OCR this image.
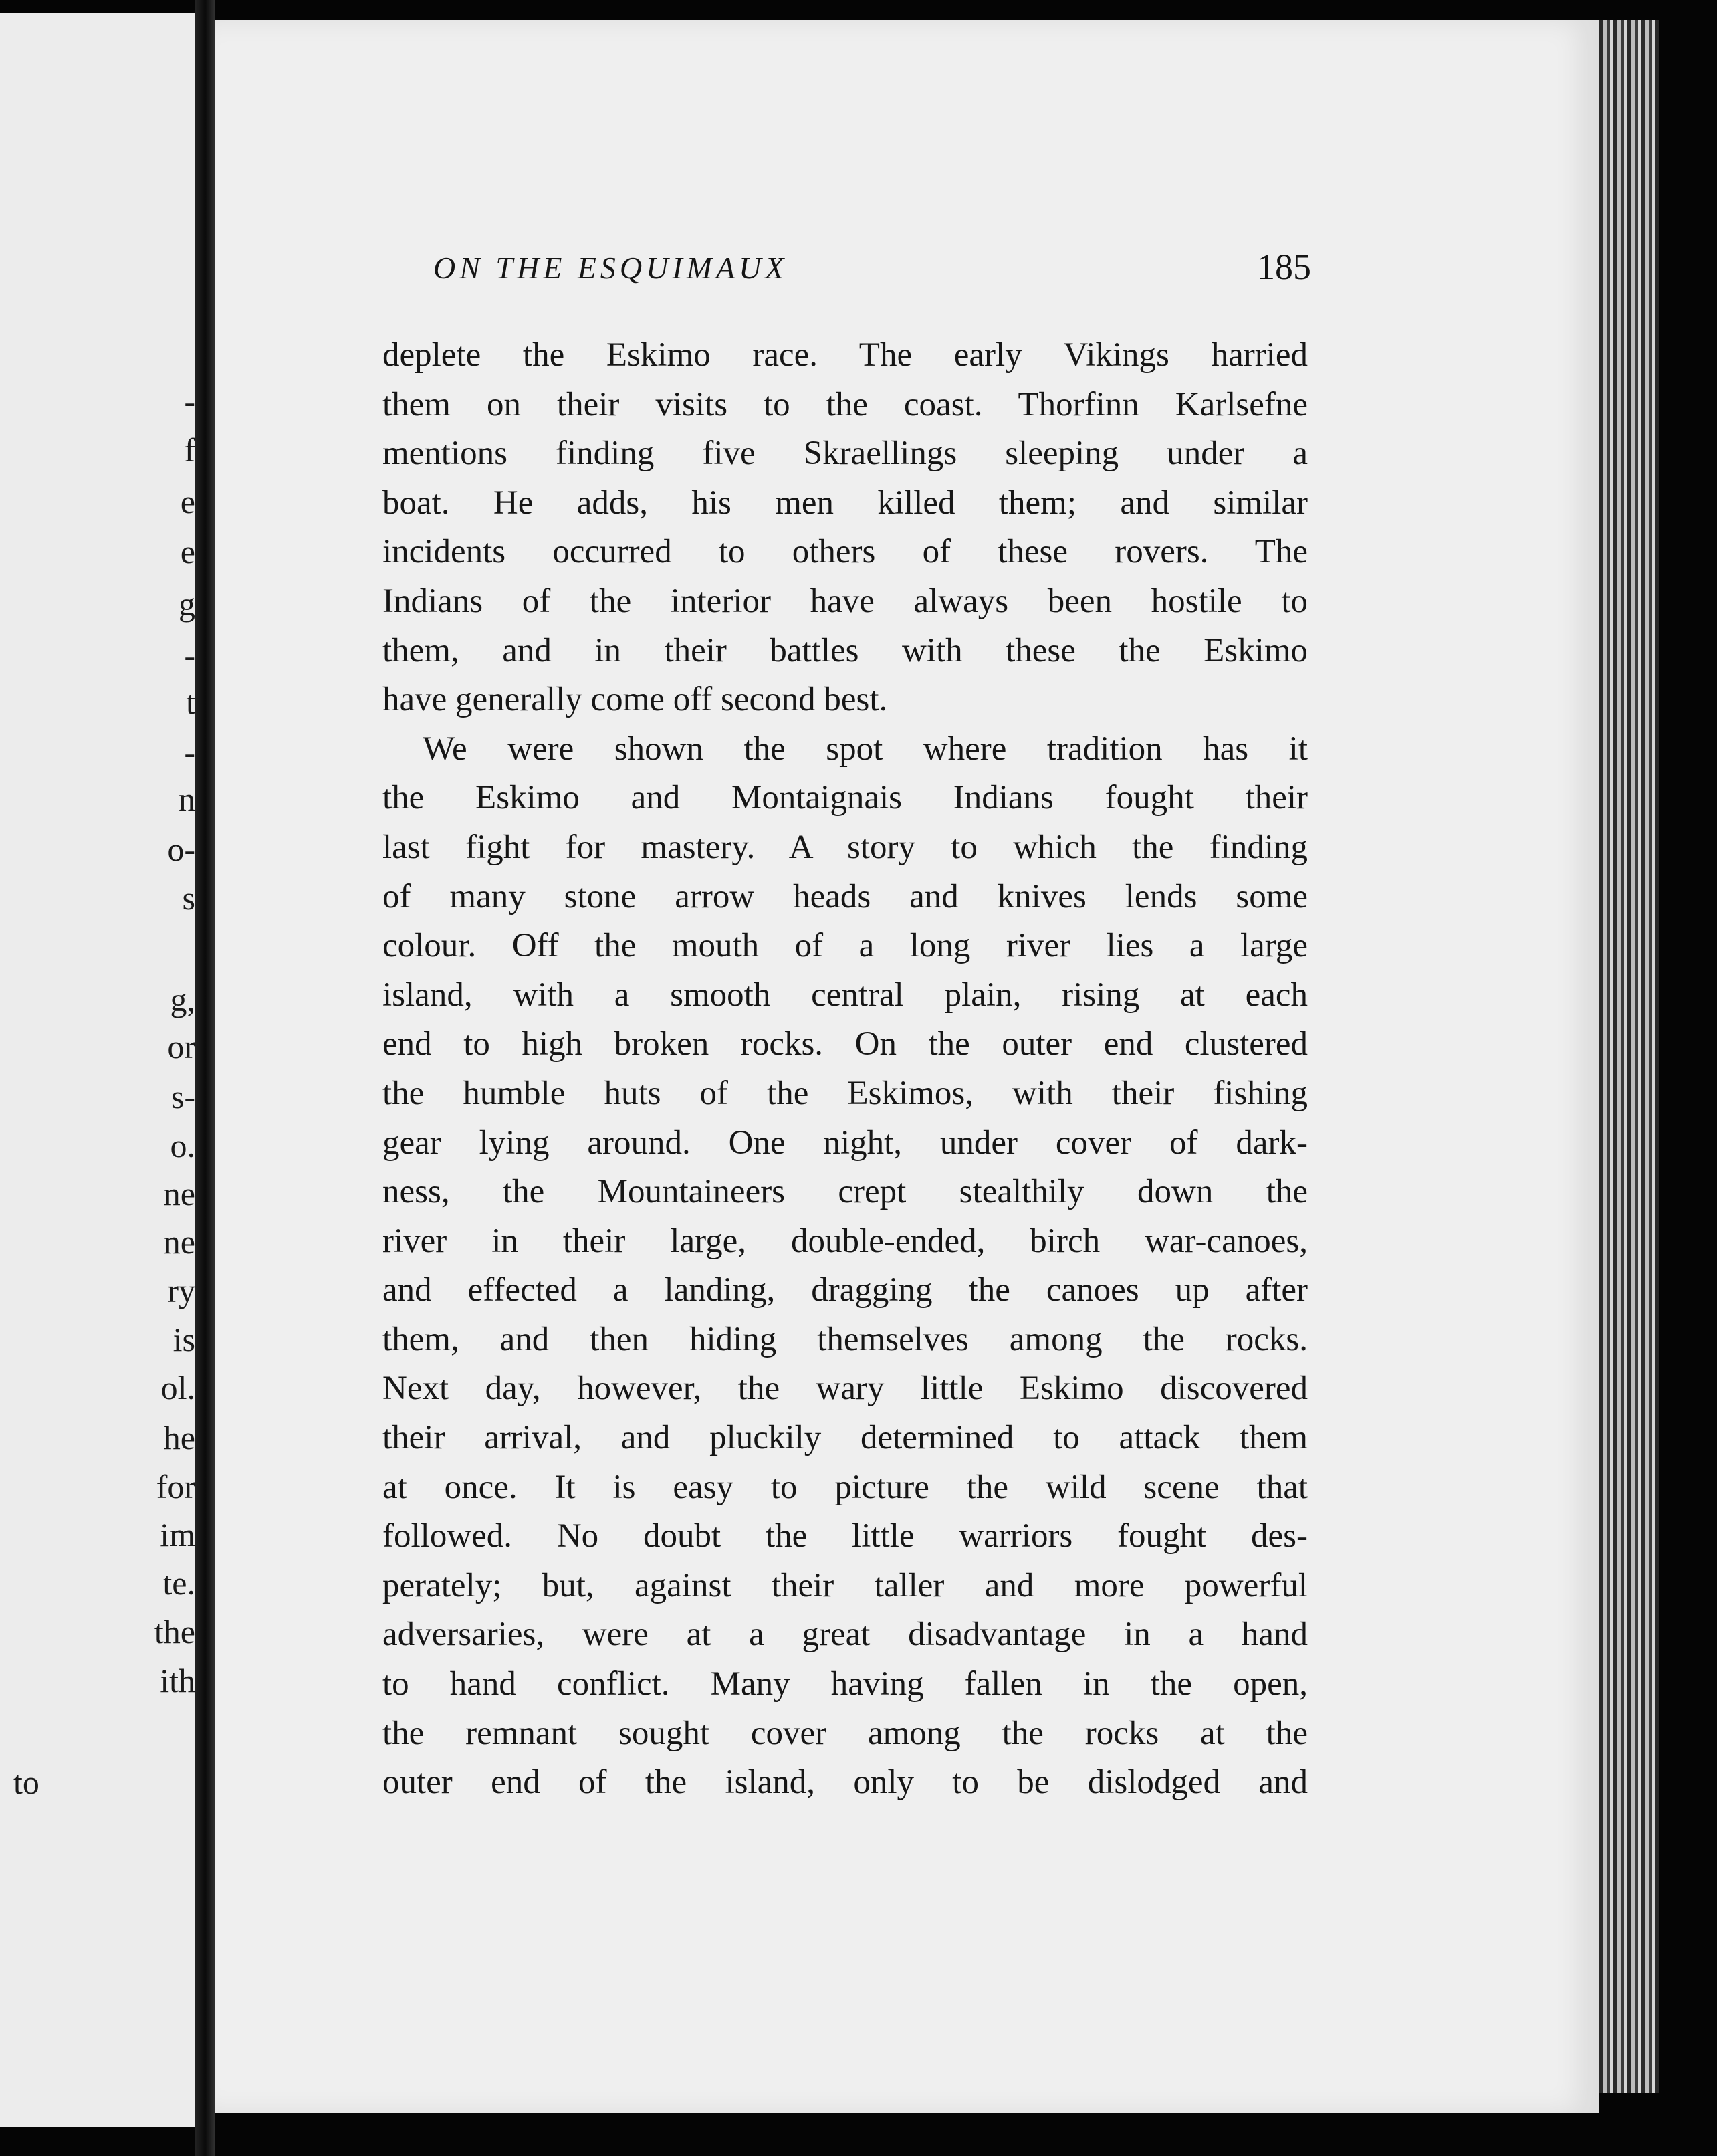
-
f
e
e
g
-
t
-
n
o-
s
g,
or
s-
o.
ne
ne
ry
is
ol.
he
for
im
te.
the
ith
to
ON THE ESQUIMAUX	185
deplete the Eskimo race. The early Vikings harried
them on their visits to the coast. Thorfinn Karlsefne
mentions finding five Skraellings sleeping under a
boat. He adds, his men killed them; and similar
incidents occurred to others of these rovers. The
Indians of the interior have always been hostile to
them, and in their battles with these the Eskimo
have generally come off second best.
We were shown the spot where tradition has it
the Eskimo and Montaignais Indians fought their
last fight for mastery. A story to which the finding
of many stone arrow heads and knives lends some
colour. Off the mouth of a long river lies a large
island, with a smooth central plain, rising at each
end to high broken rocks. On the outer end clustered
the humble huts of the Eskimos, with their fishing
gear lying around. One night, under cover of dark-
ness, the Mountaineers crept stealthily down the
river in their large, double-ended, birch war-canoes,
and effected a landing, dragging the canoes up after
them, and then hiding themselves among the rocks.
Next day, however, the wary little Eskimo discovered
their arrival, and pluckily determined to attack them
at once. It is easy to picture the wild scene that
followed. No doubt the little warriors fought des-
perately; but, against their taller and more powerful
adversaries, were at a great disadvantage in a hand
to hand conflict. Many having fallen in the open,
the remnant sought cover among the rocks at the
outer end of the island, only to be dislodged and
